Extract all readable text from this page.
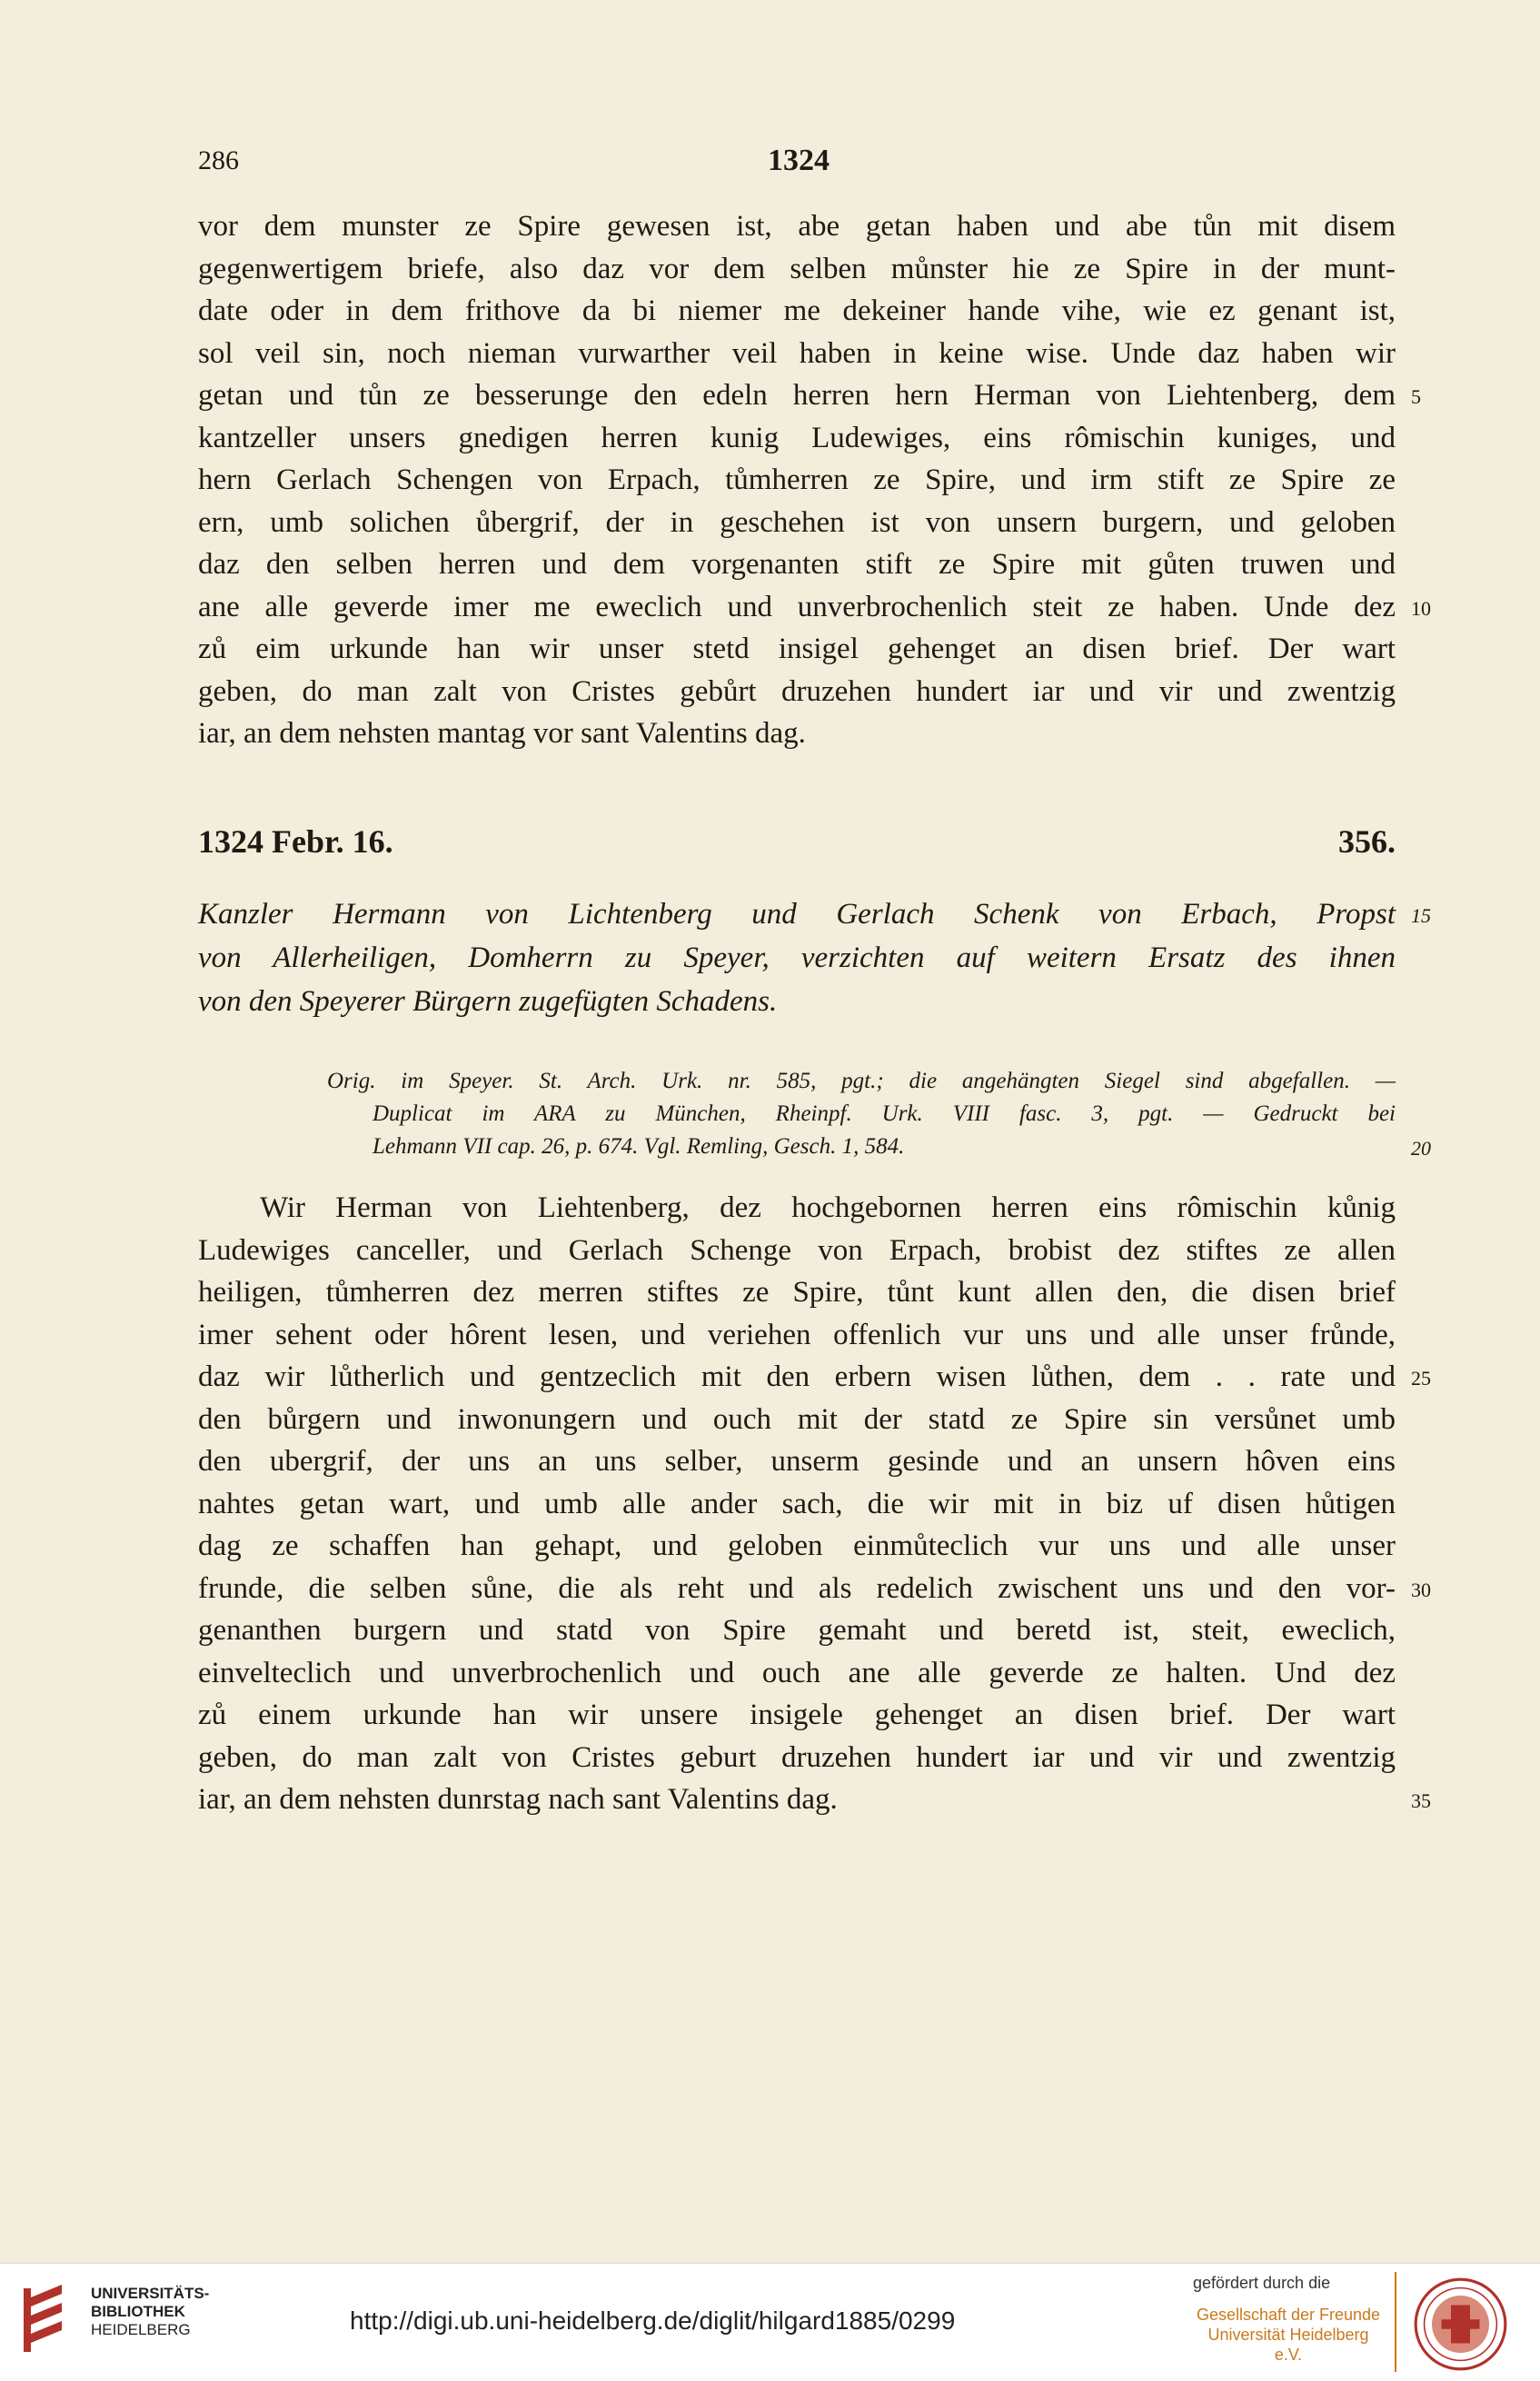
286	1324
vor dem munster ze Spire gewesen ist, abe getan haben und abe tůn mit disem
gegenwertigem briefe, also daz vor dem selben můnster hie ze Spire in der munt-
date oder in dem frithove da bi niemer me dekeiner hande vihe, wie ez genant ist,
sol veil sin, noch nieman vurwarther veil haben in keine wise. Unde daz haben wir
getan und tůn ze besserunge den edeln herren hern Herman von Liehtenberg, dem 5
kantzeller unsers gnedigen herren kunig Ludewiges, eins rômischin kuniges, und
hern Gerlach Schengen von Erpach, tůmherren ze Spire, und irm stift ze Spire ze
ern, umb solichen ůbergrif, der in geschehen ist von unsern burgern, und geloben
daz den selben herren und dem vorgenanten stift ze Spire mit gůten truwen und
ane alle geverde imer me eweclich und unverbrochenlich steit ze haben. Unde dez 10
zů eim urkunde han wir unser stetd insigel gehenget an disen brief. Der wart
geben, do man zalt von Cristes gebůrt druzehen hundert iar und vir und zwentzig
iar, an dem nehsten mantag vor sant Valentins dag.
1324 Febr. 16.	356.
Kanzler Hermann von Lichtenberg und Gerlach Schenk von Erbach, Propst 15
von Allerheiligen, Domherrn zu Speyer, verzichten auf weitern Ersatz des ihnen
von den Speyerer Bürgern zugefügten Schadens.
Orig. im Speyer. St. Arch. Urk. nr. 585, pgt.; die angehängten Siegel sind abgefallen. —
Duplicat im ARA zu München, Rheinpf. Urk. VIII fasc. 3, pgt. — Gedruckt bei
Lehmann VII cap. 26, p. 674. Vgl. Remling, Gesch. 1, 584.	20
Wir Herman von Liehtenberg, dez hochgebornen herren eins rômischin kůnig
Ludewiges canceller, und Gerlach Schenge von Erpach, brobist dez stiftes ze allen
heiligen, tůmherren dez merren stiftes ze Spire, tůnt kunt allen den, die disen brief
imer sehent oder hôrent lesen, und veriehen offenlich vur uns und alle unser frůnde,
daz wir lůtherlich und gentzeclich mit den erbern wisen lůthen, dem . . rate und 25
den bůrgern und inwonungern und ouch mit der statd ze Spire sin versůnet umb
den ubergrif, der uns an uns selber, unserm gesinde und an unsern hôven eins
nahtes getan wart, und umb alle ander sach, die wir mit in biz uf disen hůtigen
dag ze schaffen han gehapt, und geloben einmůteclich vur uns und alle unser
frunde, die selben sůne, die als reht und als redelich zwischent uns und den vor- 30
genanthen burgern und statd von Spire gemaht und beretd ist, steit, eweclich,
einvelteclich und unverbrochenlich und ouch ane alle geverde ze halten. Und dez
zů einem urkunde han wir unsere insigele gehenget an disen brief. Der wart
geben, do man zalt von Cristes geburt druzehen hundert iar und vir und zwentzig
iar, an dem nehsten dunrstag nach sant Valentins dag.	35
UNIVERSITÄTS-
BIBLIOTHEK
HEIDELBERG	http://digi.ub.uni-heidelberg.de/diglit/hilgard1885/0299
gefördert durch die
Gesellschaft der Freunde
Universität Heidelberg e.V.
